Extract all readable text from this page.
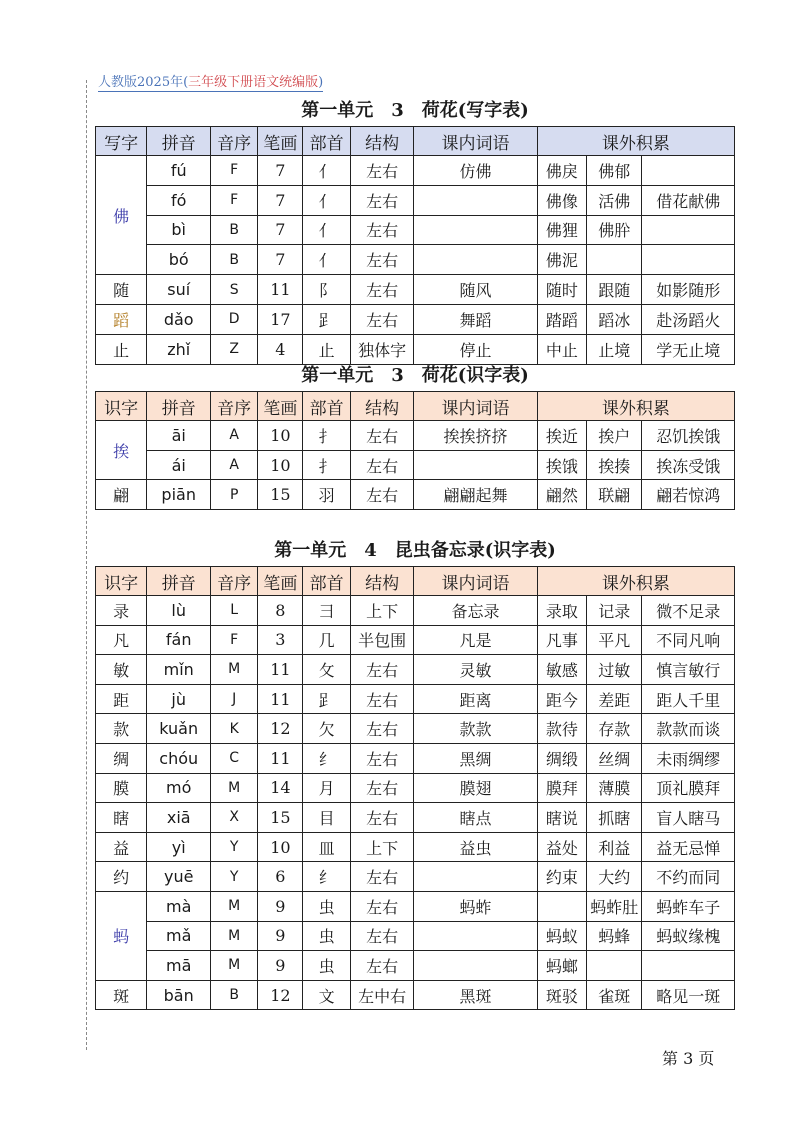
人教版2025年(三年级下册语文统编版)
第一单元　3　荷花(写字表)
写字	拼音	音序	笔画	部首	结构	课内词语	课外积累		
佛	fú	F	7	亻	左右	仿佛	佛戾	佛郁	
	fó	F	7	亻	左右		佛像	活佛	借花献佛
	bì	B	7	亻	左右		佛狸	佛肸	
	bó	B	7	亻	左右		佛泥		
随	suí	S	11	阝	左右	随风	随时	跟随	如影随形
蹈	dǎo	D	17	𧾷	左右	舞蹈	踏蹈	蹈冰	赴汤蹈火
止	zhǐ	Z	4	止	独体字	停止	中止	止境	学无止境
第一单元　3　荷花(识字表)
识字	拼音	音序	笔画	部首	结构	课内词语	课外积累		
挨	āi	A	10	扌	左右	挨挨挤挤	挨近	挨户	忍饥挨饿
	ái	A	10	扌	左右		挨饿	挨揍	挨冻受饿
翩	piān	P	15	羽	左右	翩翩起舞	翩然	联翩	翩若惊鸿
第一单元　4　昆虫备忘录(识字表)
识字	拼音	音序	笔画	部首	结构	课内词语	课外积累		
录	lù	L	8	彐	上下	备忘录	录取	记录	微不足录
凡	fán	F	3	几	半包围	凡是	凡事	平凡	不同凡响
敏	mǐn	M	11	攵	左右	灵敏	敏感	过敏	慎言敏行
距	jù	J	11	𧾷	左右	距离	距今	差距	距人千里
款	kuǎn	K	12	欠	左右	款款	款待	存款	款款而谈
绸	chóu	C	11	纟	左右	黑绸	绸缎	丝绸	未雨绸缪
膜	mó	M	14	月	左右	膜翅	膜拜	薄膜	顶礼膜拜
瞎	xiā	X	15	目	左右	瞎点	瞎说	抓瞎	盲人瞎马
益	yì	Y	10	皿	上下	益虫	益处	利益	益无忌惮
约	yuē	Y	6	纟	左右		约束	大约	不约而同
蚂	mà	M	9	虫	左右	蚂蚱		蚂蚱肚	蚂蚱车子
	mǎ	M	9	虫	左右		蚂蚁	蚂蜂	蚂蚁缘槐
	mā	M	9	虫	左右		蚂螂		
斑	bān	B	12	文	左中右	黑斑	斑驳	雀斑	略见一斑
第 3 页
